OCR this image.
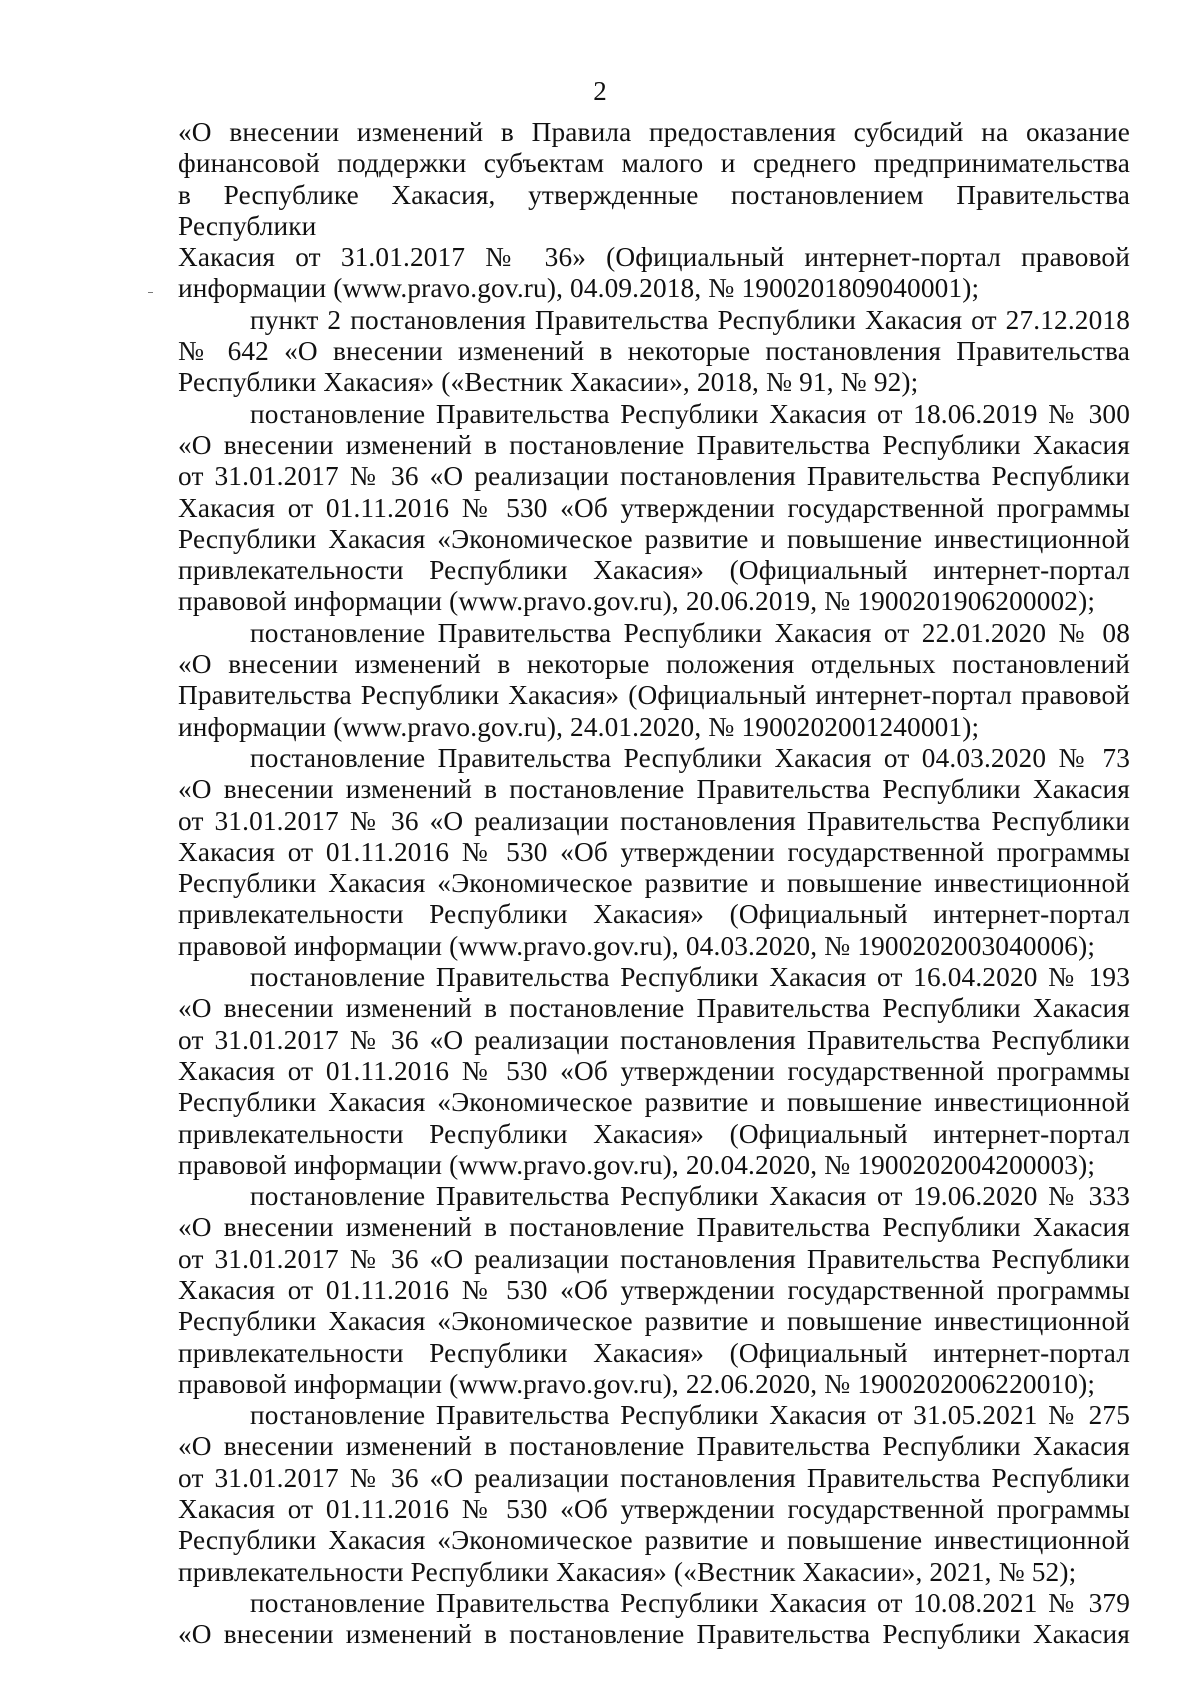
2

«О внесении изменений в Правила предоставления субсидий на оказание
финансовой поддержки субъектам малого и среднего предпринимательства
в Республике Хакасия, утвержденные постановлением Правительства Республики
Хакасия от 31.01.2017 № 36» (Официальный интернет-портал правовой
информации (www.pravo.gov.ru), 04.09.2018, № 1900201809040001);

пункт 2 постановления Правительства Республики Хакасия от 27.12.2018
№ 642 «О внесении изменений в некоторые постановления Правительства
Республики Хакасия» («Вестник Хакасии», 2018, № 91, № 92);

постановление Правительства Республики Хакасия от 18.06.2019 № 300
«О внесении изменений в постановление Правительства Республики Хакасия
от 31.01.2017 № 36 «О реализации постановления Правительства Республики
Хакасия от 01.11.2016 № 530 «Об утверждении государственной программы
Республики Хакасия «Экономическое развитие и повышение инвестиционной
привлекательности Республики Хакасия» (Официальный интернет-портал
правовой информации (www.pravo.gov.ru), 20.06.2019, № 1900201906200002);

постановление Правительства Республики Хакасия от 22.01.2020 № 08
«О внесении изменений в некоторые положения отдельных постановлений
Правительства Республики Хакасия» (Официальный интернет-портал правовой
информации (www.pravo.gov.ru), 24.01.2020, № 1900202001240001);

постановление Правительства Республики Хакасия от 04.03.2020 № 73
«О внесении изменений в постановление Правительства Республики Хакасия
от 31.01.2017 № 36 «О реализации постановления Правительства Республики
Хакасия от 01.11.2016 № 530 «Об утверждении государственной программы
Республики Хакасия «Экономическое развитие и повышение инвестиционной
привлекательности Республики Хакасия» (Официальный интернет-портал
правовой информации (www.pravo.gov.ru), 04.03.2020, № 1900202003040006);

постановление Правительства Республики Хакасия от 16.04.2020 № 193
«О внесении изменений в постановление Правительства Республики Хакасия
от 31.01.2017 № 36 «О реализации постановления Правительства Республики
Хакасия от 01.11.2016 № 530 «Об утверждении государственной программы
Республики Хакасия «Экономическое развитие и повышение инвестиционной
привлекательности Республики Хакасия» (Официальный интернет-портал
правовой информации (www.pravo.gov.ru), 20.04.2020, № 1900202004200003);

постановление Правительства Республики Хакасия от 19.06.2020 № 333
«О внесении изменений в постановление Правительства Республики Хакасия
от 31.01.2017 № 36 «О реализации постановления Правительства Республики
Хакасия от 01.11.2016 № 530 «Об утверждении государственной программы
Республики Хакасия «Экономическое развитие и повышение инвестиционной
привлекательности Республики Хакасия» (Официальный интернет-портал
правовой информации (www.pravo.gov.ru), 22.06.2020, № 1900202006220010);

постановление Правительства Республики Хакасия от 31.05.2021 № 275
«О внесении изменений в постановление Правительства Республики Хакасия
от 31.01.2017 № 36 «О реализации постановления Правительства Республики
Хакасия от 01.11.2016 № 530 «Об утверждении государственной программы
Республики Хакасия «Экономическое развитие и повышение инвестиционной
привлекательности Республики Хакасия» («Вестник Хакасии», 2021, № 52);

постановление Правительства Республики Хакасия от 10.08.2021 № 379
«О внесении изменений в постановление Правительства Республики Хакасия
